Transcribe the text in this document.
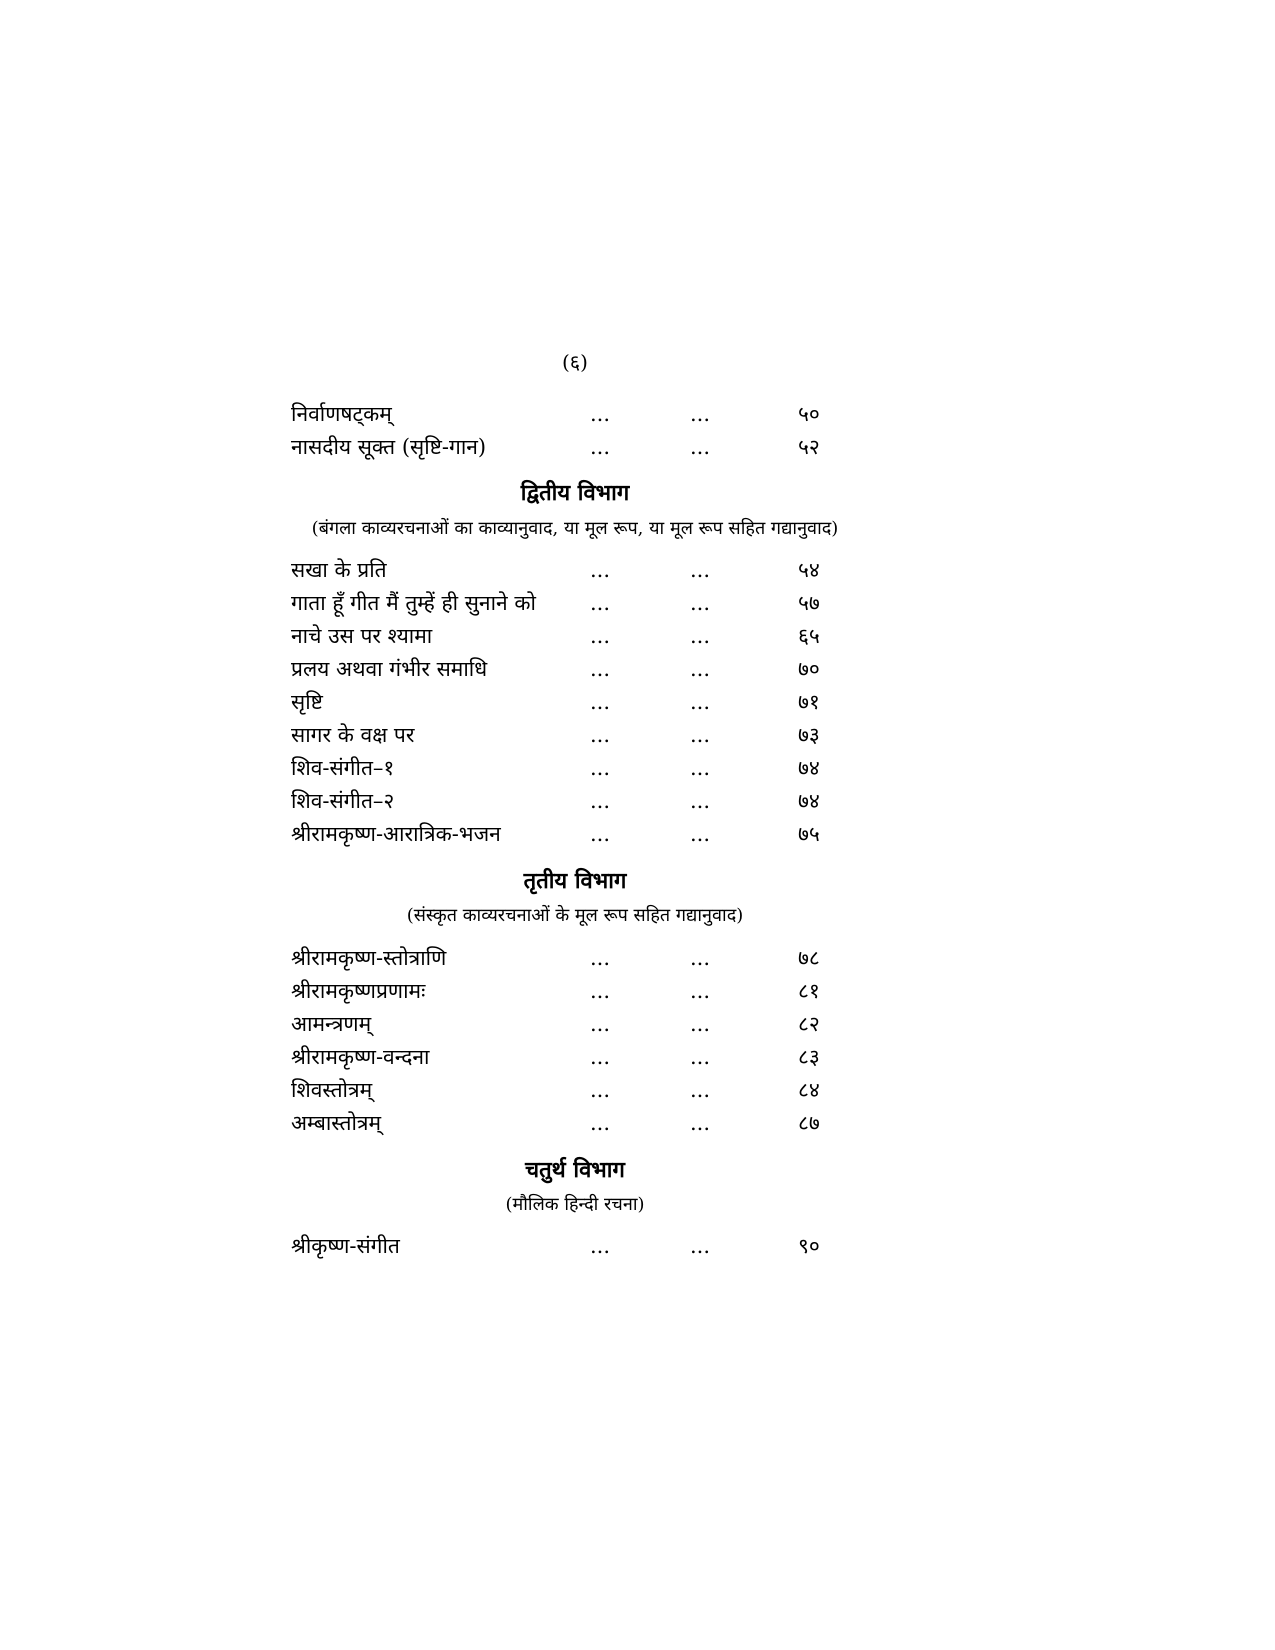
(६)
निर्वाणषट्कम्	...	...	५०
नासदीय सूक्त (सृष्टि-गान)	...	...	५२
द्वितीय विभाग
(बंगला काव्यरचनाओं का काव्यानुवाद, या मूल रूप, या मूल रूप सहित गद्यानुवाद)
सखा के प्रति	...	...	५४
गाता हूँ गीत मैं तुम्हें ही सुनाने को	...	...	५७
नाचे उस पर श्यामा	...	...	६५
प्रलय अथवा गंभीर समाधि	...	...	७०
सृष्टि	...	...	७१
सागर के वक्ष पर	...	...	७३
शिव-संगीत–१	...	...	७४
शिव-संगीत–२	...	...	७४
श्रीरामकृष्ण-आरात्रिक-भजन	...	...	७५
तृतीय विभाग
(संस्कृत काव्यरचनाओं के मूल रूप सहित गद्यानुवाद)
श्रीरामकृष्ण-स्तोत्राणि	...	...	७८
श्रीरामकृष्णप्रणामः	...	...	८१
आमन्त्रणम्	...	...	८२
श्रीरामकृष्ण-वन्दना	...	...	८३
शिवस्तोत्रम्	...	...	८४
अम्बास्तोत्रम्	...	...	८७
चतुर्थ विभाग
(मौलिक हिन्दी रचना)
श्रीकृष्ण-संगीत	...	...	९०
